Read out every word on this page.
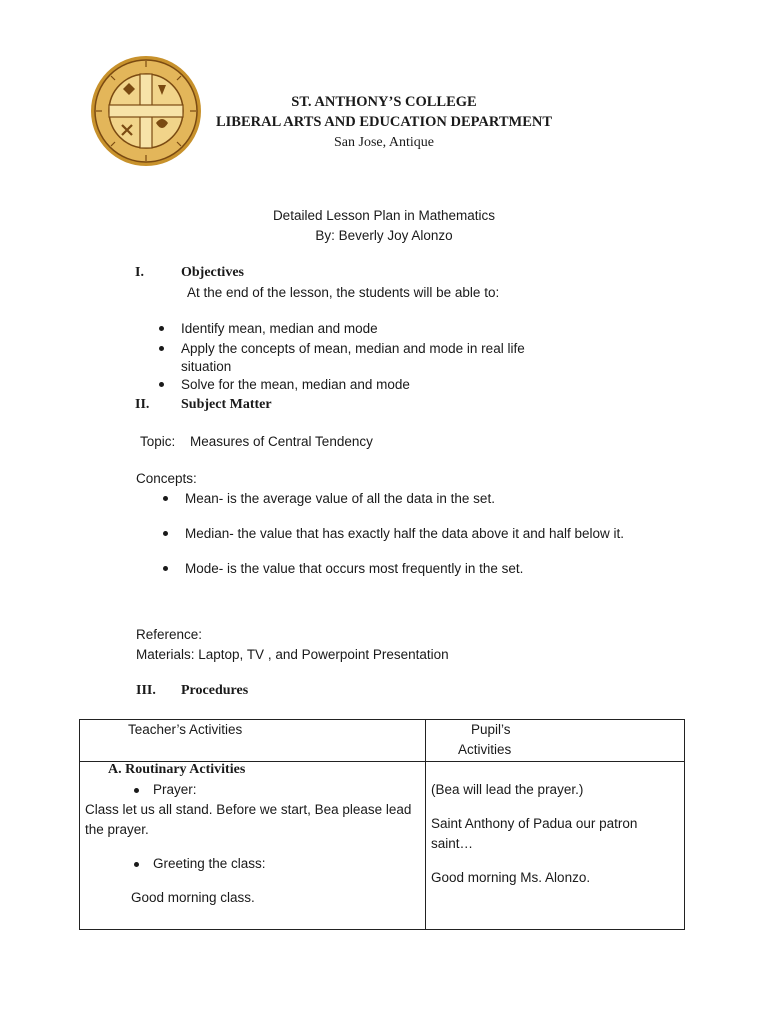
ST. ANTHONY’S COLLEGE
LIBERAL ARTS AND EDUCATION DEPARTMENT
San Jose, Antique
Detailed Lesson Plan in Mathematics
By: Beverly Joy Alonzo
I.	Objectives
At the end of the lesson, the students will be able to:
Identify mean, median and mode
Apply the concepts of mean, median and mode in real life
situation
Solve for the mean, median and mode
II. Subject Matter
Topic: Measures of Central Tendency
Concepts:
Mean- is the average value of all the data in the set.
Median- the value that has exactly half the data above it and half below it.
Mode- is the value that occurs most frequently in the set.
Reference:
Materials: Laptop, TV , and Powerpoint Presentation
III. Procedures
Teacher’s Activities	Pupil’s
Activities
A. Routinary Activities
Prayer:
Class let us all stand. Before we start, Bea please lead
the prayer.
Greeting the class:
Good morning class.
(Bea will lead the prayer.)
Saint Anthony of Padua our patron
saint…
Good morning Ms. Alonzo.
